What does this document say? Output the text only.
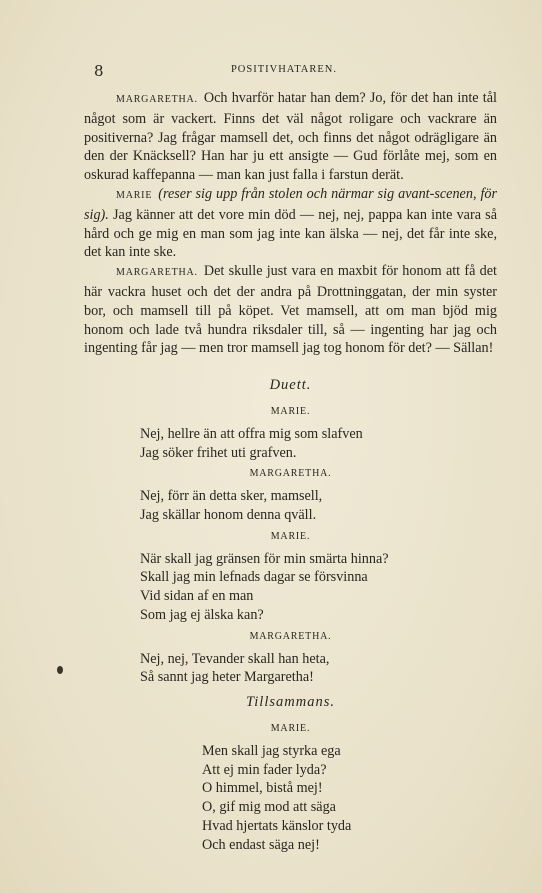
8	POSITIVHATAREN.

MARGARETHA. Och hvarför hatar han dem? Jo, för det han inte tål något som är vackert. Finns det väl något roligare och vackrare än positiverna? Jag frågar mamsell det, och finns det något odrägligare än den der Knäcksell? Han har ju ett ansigte — Gud förlåte mej, som en oskurad kaffepanna — man kan just falla i farstun derät.

MARIE (reser sig upp från stolen och närmar sig avant-scenen, för sig). Jag känner att det vore min död — nej, nej, pappa kan inte vara så hård och ge mig en man som jag inte kan älska — nej, det får inte ske, det kan inte ske.

MARGARETHA. Det skulle just vara en maxbit för honom att få det här vackra huset och det der andra på Drottninggatan, der min syster bor, och mamsell till på köpet. Vet mamsell, att om man bjöd mig honom och lade två hundra riksdaler till, så — ingenting har jag och ingenting får jag — men tror mamsell jag tog honom för det? — Sällan!

Duett.
MARIE.
Nej, hellre än att offra mig som slafven
Jag söker frihet uti grafven.
MARGARETHA.
Nej, förr än detta sker, mamsell,
Jag skällar honom denna qväll.
MARIE.
När skall jag gränsen för min smärta hinna?
Skall jag min lefnads dagar se försvinna
Vid sidan af en man
Som jag ej älska kan?
MARGARETHA.
Nej, nej, Tevander skall han heta,
Så sannt jag heter Margaretha!
Tillsammans.
MARIE.
Men skall jag styrka ega
Att ej min fader lyda?
O himmel, bistå mej!
O, gif mig mod att säga
Hvad hjertats känslor tyda
Och endast säga nej!
